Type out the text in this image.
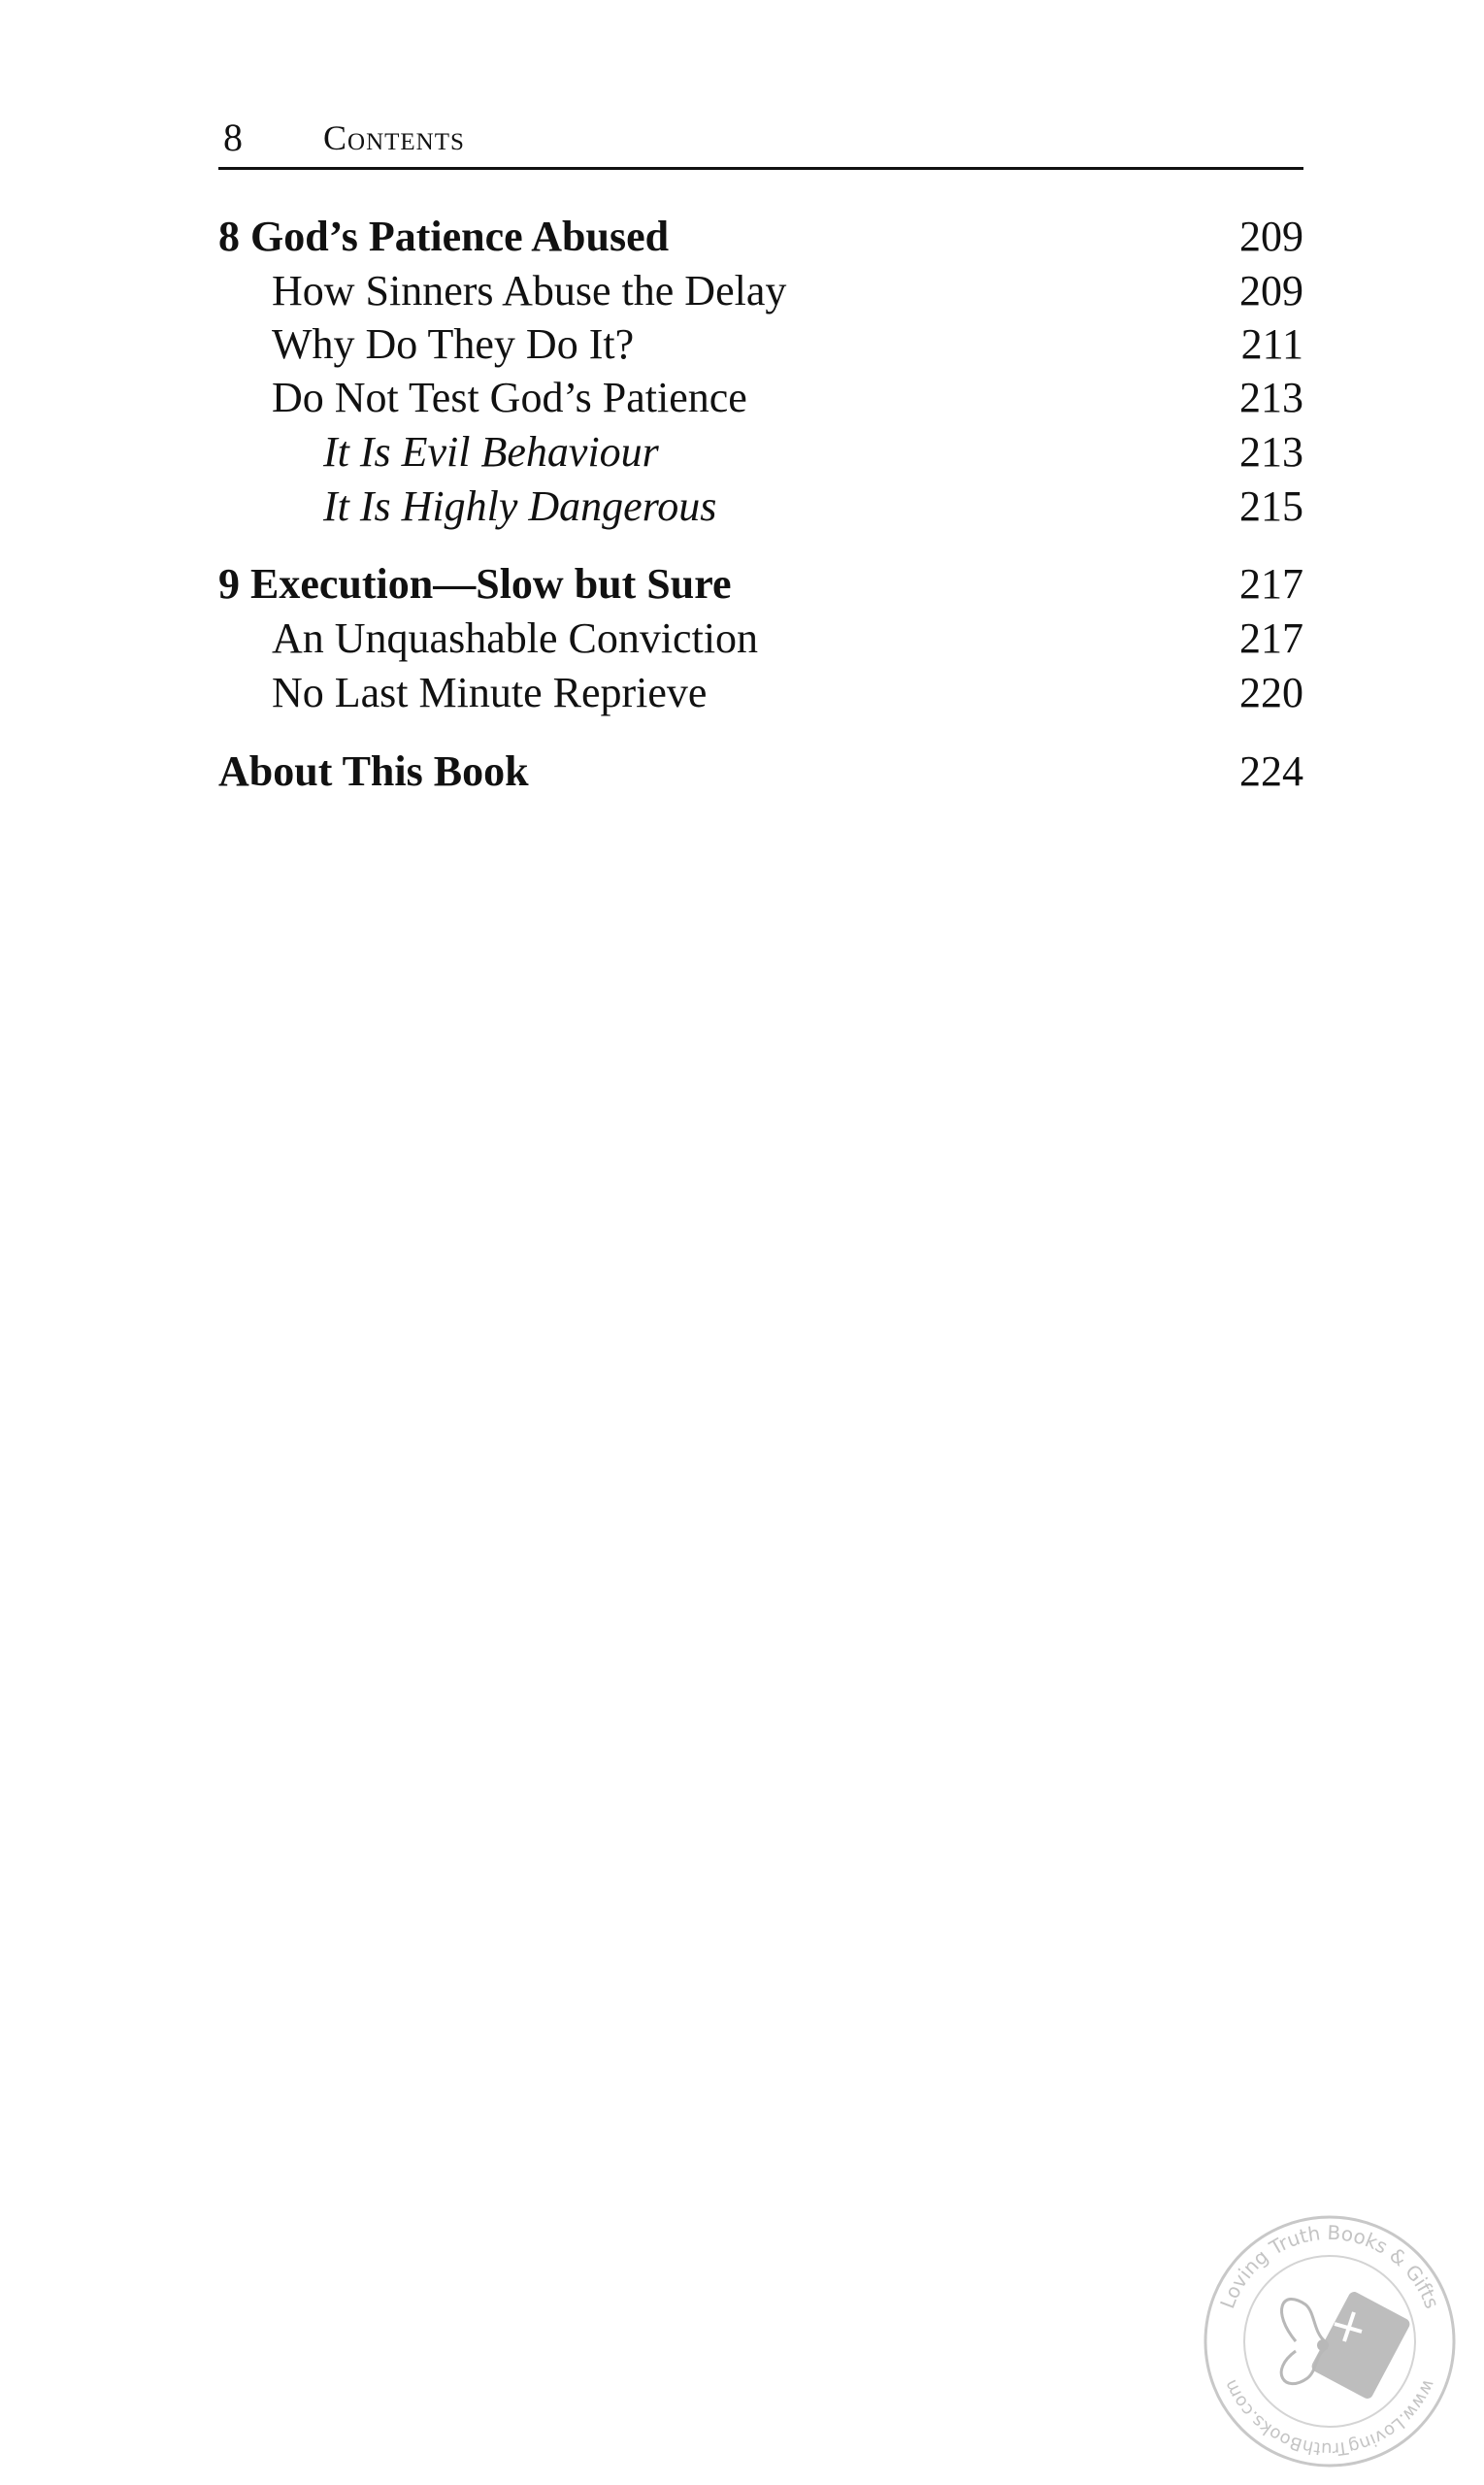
8 Contents
8 God’s Patience Abused	209
How Sinners Abuse the Delay	209
Why Do They Do It?	211
Do Not Test God’s Patience	213
It Is Evil Behaviour	213
It Is Highly Dangerous	215
9 Execution—Slow but Sure	217
An Unquashable Conviction	217
No Last Minute Reprieve	220
About This Book	224
Loving Truth Books & Gifts
www.LovingTruthBooks.com
